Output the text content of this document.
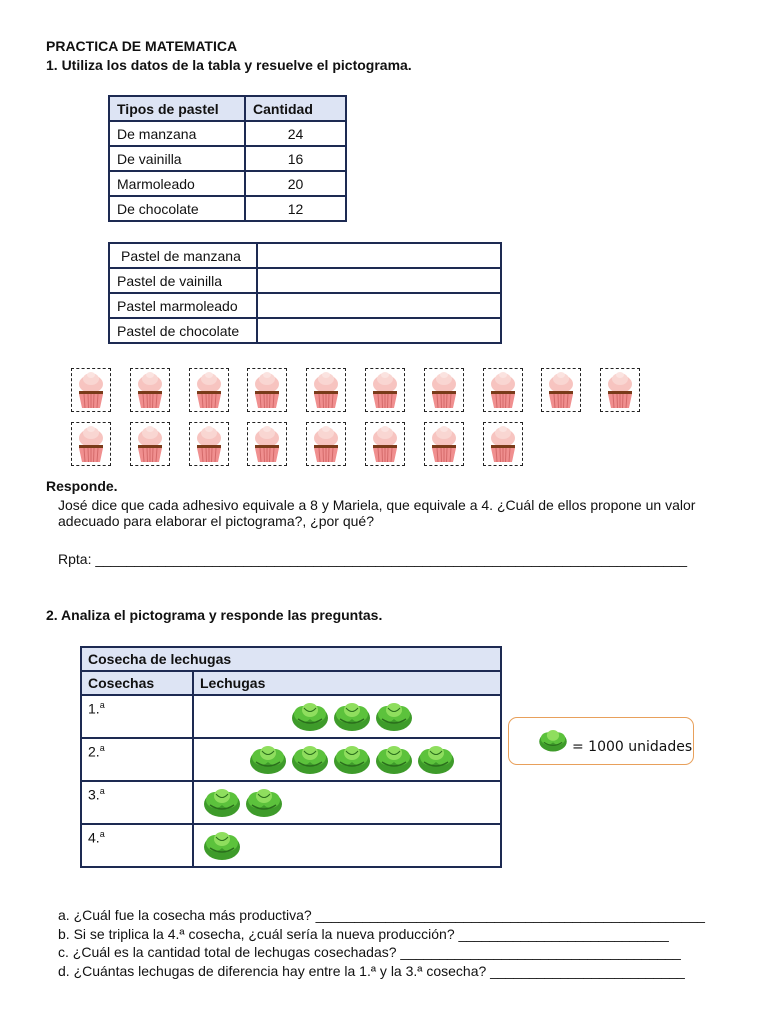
PRACTICA DE MATEMATICA
1. Utiliza los datos de la tabla y resuelve el pictograma.
Tipos de pastel	Cantidad
De manzana	24
De vainilla	16
Marmoleado	20
De chocolate	12
Pastel de manzana	
Pastel de vainilla	
Pastel marmoleado	
Pastel de chocolate	
Responde.
José dice que cada adhesivo equivale a 8 y Mariela, que equivale a 4. ¿Cuál de ellos propone un valor
adecuado para elaborar el pictograma?, ¿por qué?
Rpta: ____________________________________________________________________________
2. Analiza el pictograma y responde las preguntas.
Cosecha de lechugas	
Cosechas	Lechugas
1.$^a$	

2.$^a$	

3.$^a$	

4.$^a$	
= 1000 unidades
a. ¿Cuál fue la cosecha más productiva? __________________________________________________
b. Si se triplica la 4.ª cosecha, ¿cuál sería la nueva producción? ___________________________
c. ¿Cuál es la cantidad total de lechugas cosechadas? ____________________________________
d. ¿Cuántas lechugas de diferencia hay entre la 1.ª y la 3.ª cosecha? _________________________
